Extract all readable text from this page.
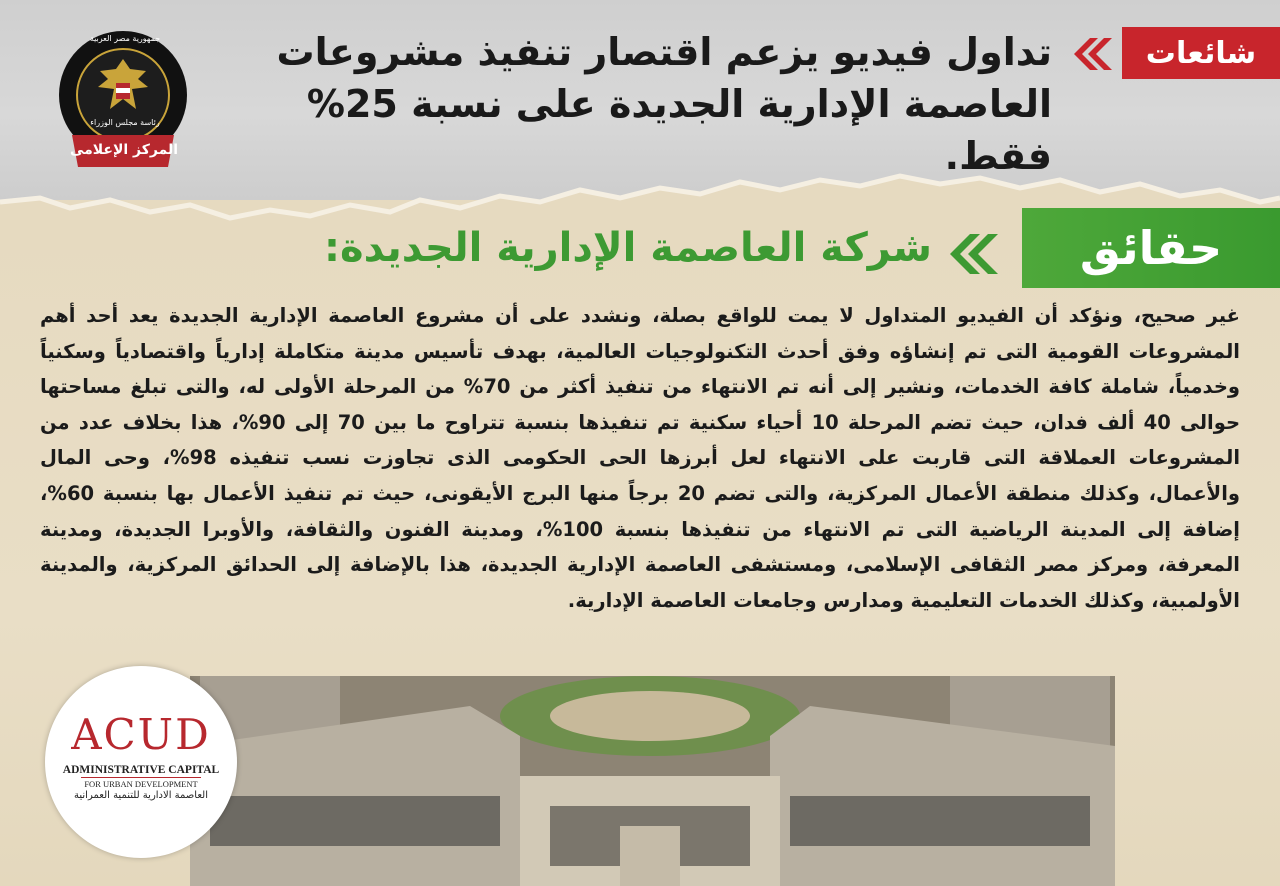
شائعات
تداول فيديو يزعم اقتصار تنفيذ مشروعات العاصمة الإدارية الجديدة على نسبة 25% فقط.
المركز الإعلامى
جمهورية مصر العربية
رئاسة مجلس الوزراء
حقائق
شركة العاصمة الإدارية الجديدة:
غير صحيح، ونؤكد أن الفيديو المتداول لا يمت للواقع بصلة، ونشدد على أن مشروع العاصمة الإدارية الجديدة يعد أحد أهم المشروعات القومية التى تم إنشاؤه وفق أحدث التكنولوجيات العالمية، بهدف تأسيس مدينة متكاملة إدارياً واقتصادياً وسكنياً وخدمياً، شاملة كافة الخدمات، ونشير إلى أنه تم الانتهاء من تنفيذ أكثر من 70% من المرحلة الأولى له، والتى تبلغ مساحتها حوالى 40 ألف فدان، حيث تضم المرحلة 10 أحياء سكنية تم تنفيذها بنسبة تتراوح ما بين 70 إلى 90%، هذا بخلاف عدد من المشروعات العملاقة التى قاربت على الانتهاء لعل أبرزها الحى الحكومى الذى تجاوزت نسب تنفيذه 98%، وحى المال والأعمال، وكذلك منطقة الأعمال المركزية، والتى تضم 20 برجاً منها البرج الأيقونى، حيث تم تنفيذ الأعمال بها بنسبة 60%، إضافة إلى المدينة الرياضية التى تم الانتهاء من تنفيذها بنسبة 100%، ومدينة الفنون والثقافة، والأوبرا الجديدة، ومدينة المعرفة، ومركز مصر الثقافى الإسلامى، ومستشفى العاصمة الإدارية الجديدة، هذا بالإضافة إلى الحدائق المركزية، والمدينة الأولمبية، وكذلك الخدمات التعليمية ومدارس وجامعات العاصمة الإدارية.
ACUD
ADMINISTRATIVE CAPITAL
FOR URBAN DEVELOPMENT
العاصمة الادارية للتنمية العمرانية
